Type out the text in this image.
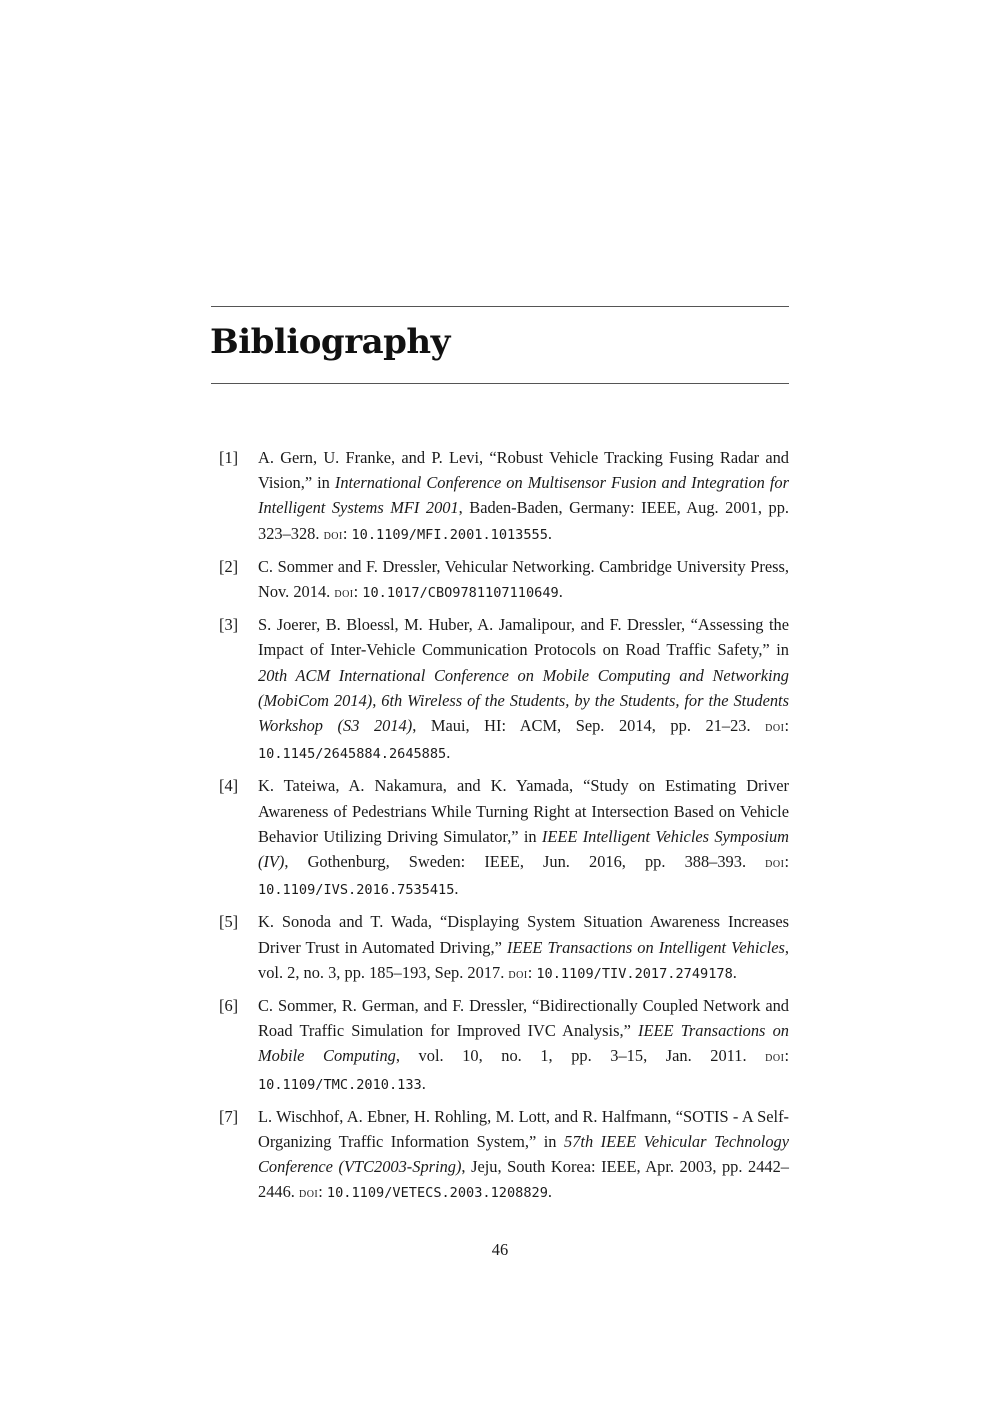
Bibliography
[1] A. Gern, U. Franke, and P. Levi, “Robust Vehicle Tracking Fusing Radar and Vision,” in International Conference on Multisensor Fusion and Integration for Intelligent Systems MFI 2001, Baden-Baden, Germany: IEEE, Aug. 2001, pp. 323–328. doi: 10.1109/MFI.2001.1013555.
[2] C. Sommer and F. Dressler, Vehicular Networking. Cambridge University Press, Nov. 2014. doi: 10.1017/CBO9781107110649.
[3] S. Joerer, B. Bloessl, M. Huber, A. Jamalipour, and F. Dressler, “Assessing the Impact of Inter-Vehicle Communication Protocols on Road Traffic Safety,” in 20th ACM International Conference on Mobile Computing and Networking (MobiCom 2014), 6th Wireless of the Students, by the Students, for the Students Workshop (S3 2014), Maui, HI: ACM, Sep. 2014, pp. 21–23. doi: 10.1145/2645884.2645885.
[4] K. Tateiwa, A. Nakamura, and K. Yamada, “Study on Estimating Driver Awareness of Pedestrians While Turning Right at Intersection Based on Vehicle Behavior Utilizing Driving Simulator,” in IEEE Intelligent Vehicles Symposium (IV), Gothenburg, Sweden: IEEE, Jun. 2016, pp. 388–393. doi: 10.1109/IVS.2016.7535415.
[5] K. Sonoda and T. Wada, “Displaying System Situation Awareness Increases Driver Trust in Automated Driving,” IEEE Transactions on Intelligent Vehicles, vol. 2, no. 3, pp. 185–193, Sep. 2017. doi: 10.1109/TIV.2017.2749178.
[6] C. Sommer, R. German, and F. Dressler, “Bidirectionally Coupled Network and Road Traffic Simulation for Improved IVC Analysis,” IEEE Transactions on Mobile Computing, vol. 10, no. 1, pp. 3–15, Jan. 2011. doi: 10.1109/TMC.2010.133.
[7] L. Wischhof, A. Ebner, H. Rohling, M. Lott, and R. Halfmann, “SOTIS - A Self-Organizing Traffic Information System,” in 57th IEEE Vehicular Technology Conference (VTC2003-Spring), Jeju, South Korea: IEEE, Apr. 2003, pp. 2442–2446. doi: 10.1109/VETECS.2003.1208829.
46
